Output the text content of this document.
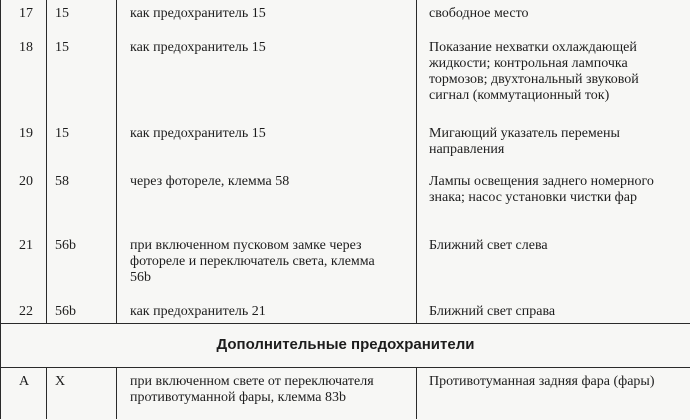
17	15	как предохранитель 15	свободное место

18	15	как предохранитель 15	Показание нехватки охлаждающей жидкости; контрольная лампочка тормозов; двухтональный звуковой сигнал (коммутационный ток)

19	15	как предохранитель 15	Мигающий указатель перемены направления

20	58	через фотореле, клемма 58	Лампы освещения заднего номерного знака; насос установки чистки фар

21	56b	при включенном пусковом замке через фотореле и переключатель света, клемма 56b	Ближний свет слева

22	56b	как предохранитель 21	Ближний свет справа

Дополнительные предохранители			
A	X	при включенном свете от переключателя противотуманной фары, клемма 83b	Противотуманная задняя фара (фары)
